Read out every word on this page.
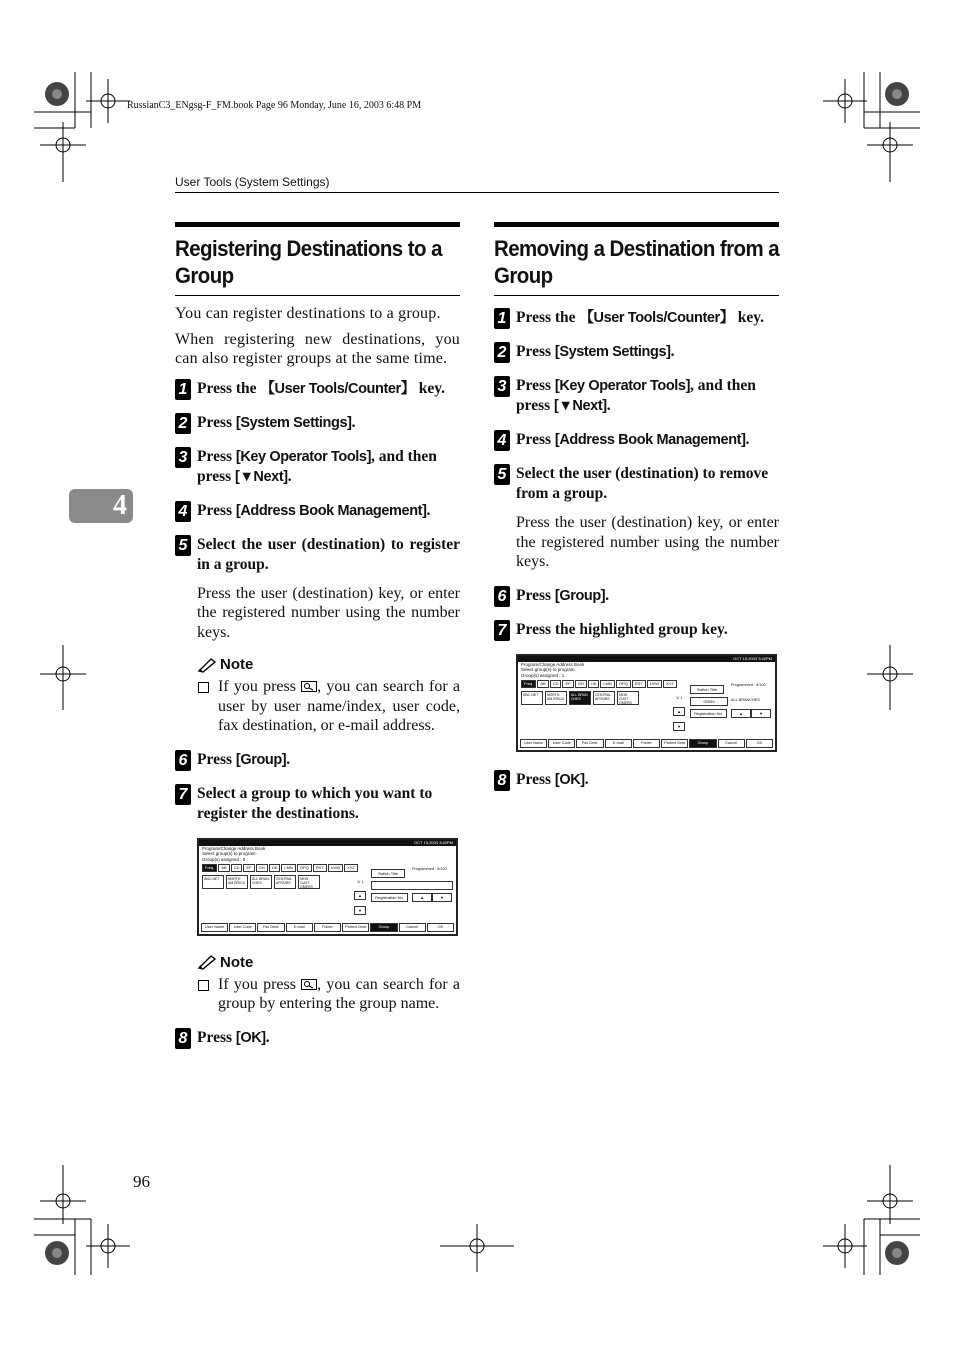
RussianC3_ENgsg-F_FM.book Page 96 Monday, June 16, 2003 6:48 PM
User Tools (System Settings)
4
Registering Destinations to a
Group

You can register destinations to a group.

When registering new destinations, you can also register groups at the same time.

1 Press the 【User Tools/Counter】 key.
2 Press [System Settings].
3 Press [Key Operator Tools], and then press [▼Next].
4 Press [Address Book Management].
5 Select the user (destination) to register in a group.
Press the user (destination) key, or enter the registered number using the number keys.
Note
If you press , you can search for a user by user name/index, user code, fax destination, or e-mail address.
6 Press [Group].
7 Select a group to which you want to register the destinations.
OCT 15,2003 3:42PM
Program/Change Address Book
Select group(s) to program.
Group(s) assigned : 0
Freq.	AB	CD	EF	GH	IJK	LMN	OPQ	RST	UVW	XYZ
ABC-NET	NORTH AM ERICA
ALL BRAN CHES
CENTRAL AFFAIRS
NEW CUST OMERS
Switch Title
Programmed : 5/100
1/ 1
▲
▼
Registration No.	▲	▼
User Name	User Code	Fax Dest.	E-mail	Folder	Protect Dest	Group	Cancel	OK
Note
If you press , you can search for a group by entering the group name.
8 Press [OK].
Removing a Destination from a
Group
1 Press the 【User Tools/Counter】 key.
2 Press [System Settings].
3 Press [Key Operator Tools], and then press [▼Next].
4 Press [Address Book Management].
5 Select the user (destination) to remove from a group.
Press the user (destination) key, or enter the registered number using the number keys.
6 Press [Group].
7 Press the highlighted group key.
OCT 15,2003 3:42PM
Program/Change Address Book
Select group(s) to program.
Group(s) assigned : 1
Freq.	AB	CD	EF	GH	IJK	LMN	OPQ	RST	UVW	XYZ
ABC-NET	NORTH AM ERICA
ALL BRAN CHES
CENTRAL AFFAIRS
NEW CUST OMERS
Switch Title
Programmed : 5/100
1/ 1
▲
▼
00059	ALL BRANCHES
Registration No.	▲	▼
User Name	User Code	Fax Dest.	E-mail	Folder	Protect Dest	Group	Cancel	OK
8 Press [OK].
96
